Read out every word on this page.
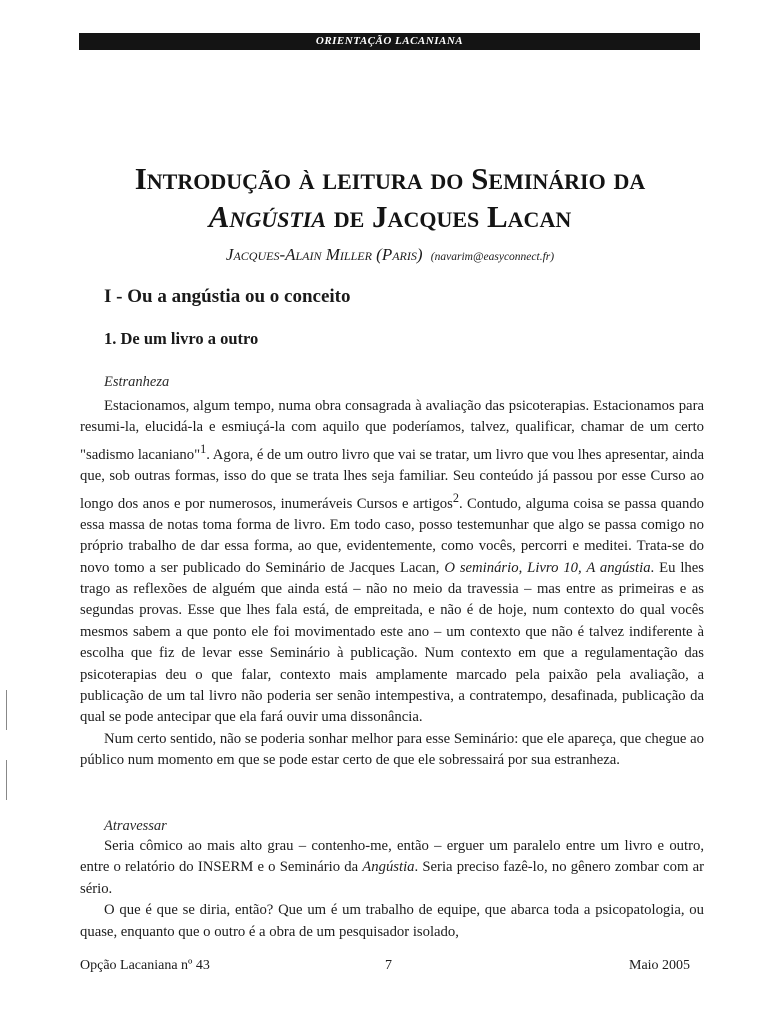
ORIENTAÇÃO LACANIANA
Introdução à leitura do Seminário da
Angústia de Jacques Lacan
Jacques-Alain Miller (Paris) (navarim@easyconnect.fr)
I - Ou a angústia ou o conceito
1. De um livro a outro
Estranheza

Estacionamos, algum tempo, numa obra consagrada à avaliação das psicoterapias. Estacionamos para resumi-la, elucidá-la e esmiuçá-la com aquilo que poderíamos, talvez, qualificar, chamar de um certo "sadismo lacaniano"$^1$. Agora, é de um outro livro que vai se tratar, um livro que vou lhes apresentar, ainda que, sob outras formas, isso do que se trata lhes seja familiar. Seu conteúdo já passou por esse Curso ao longo dos anos e por numerosos, inumeráveis Cursos e artigos$^2$. Contudo, alguma coisa se passa quando essa massa de notas toma forma de livro. Em todo caso, posso testemunhar que algo se passa comigo no próprio trabalho de dar essa forma, ao que, evidentemente, como vocês, percorri e meditei. Trata-se do novo tomo a ser publicado do Seminário de Jacques Lacan, O seminário, Livro 10, A angústia. Eu lhes trago as reflexões de alguém que ainda está – não no meio da travessia – mas entre as primeiras e as segundas provas. Esse que lhes fala está, de empreitada, e não é de hoje, num contexto do qual vocês mesmos sabem a que ponto ele foi movimentado este ano – um contexto que não é talvez indiferente à escolha que fiz de levar esse Seminário à publicação. Num contexto em que a regulamentação das psicoterapias deu o que falar, contexto mais amplamente marcado pela paixão pela avaliação, a publicação de um tal livro não poderia ser senão intempestiva, a contratempo, desafinada, publicação da qual se pode antecipar que ela fará ouvir uma dissonância.

Num certo sentido, não se poderia sonhar melhor para esse Seminário: que ele apareça, que chegue ao público num momento em que se pode estar certo de que ele sobressairá por sua estranheza.

Atravessar

Seria cômico ao mais alto grau – contenho-me, então – erguer um paralelo entre um livro e outro, entre o relatório do INSERM e o Seminário da Angústia. Seria preciso fazê-lo, no gênero zombar com ar sério.

O que é que se diria, então? Que um é um trabalho de equipe, que abarca toda a psicopatologia, ou quase, enquanto que o outro é a obra de um pesquisador isolado,

Opção Lacaniana nº 43	7	Maio 2005
